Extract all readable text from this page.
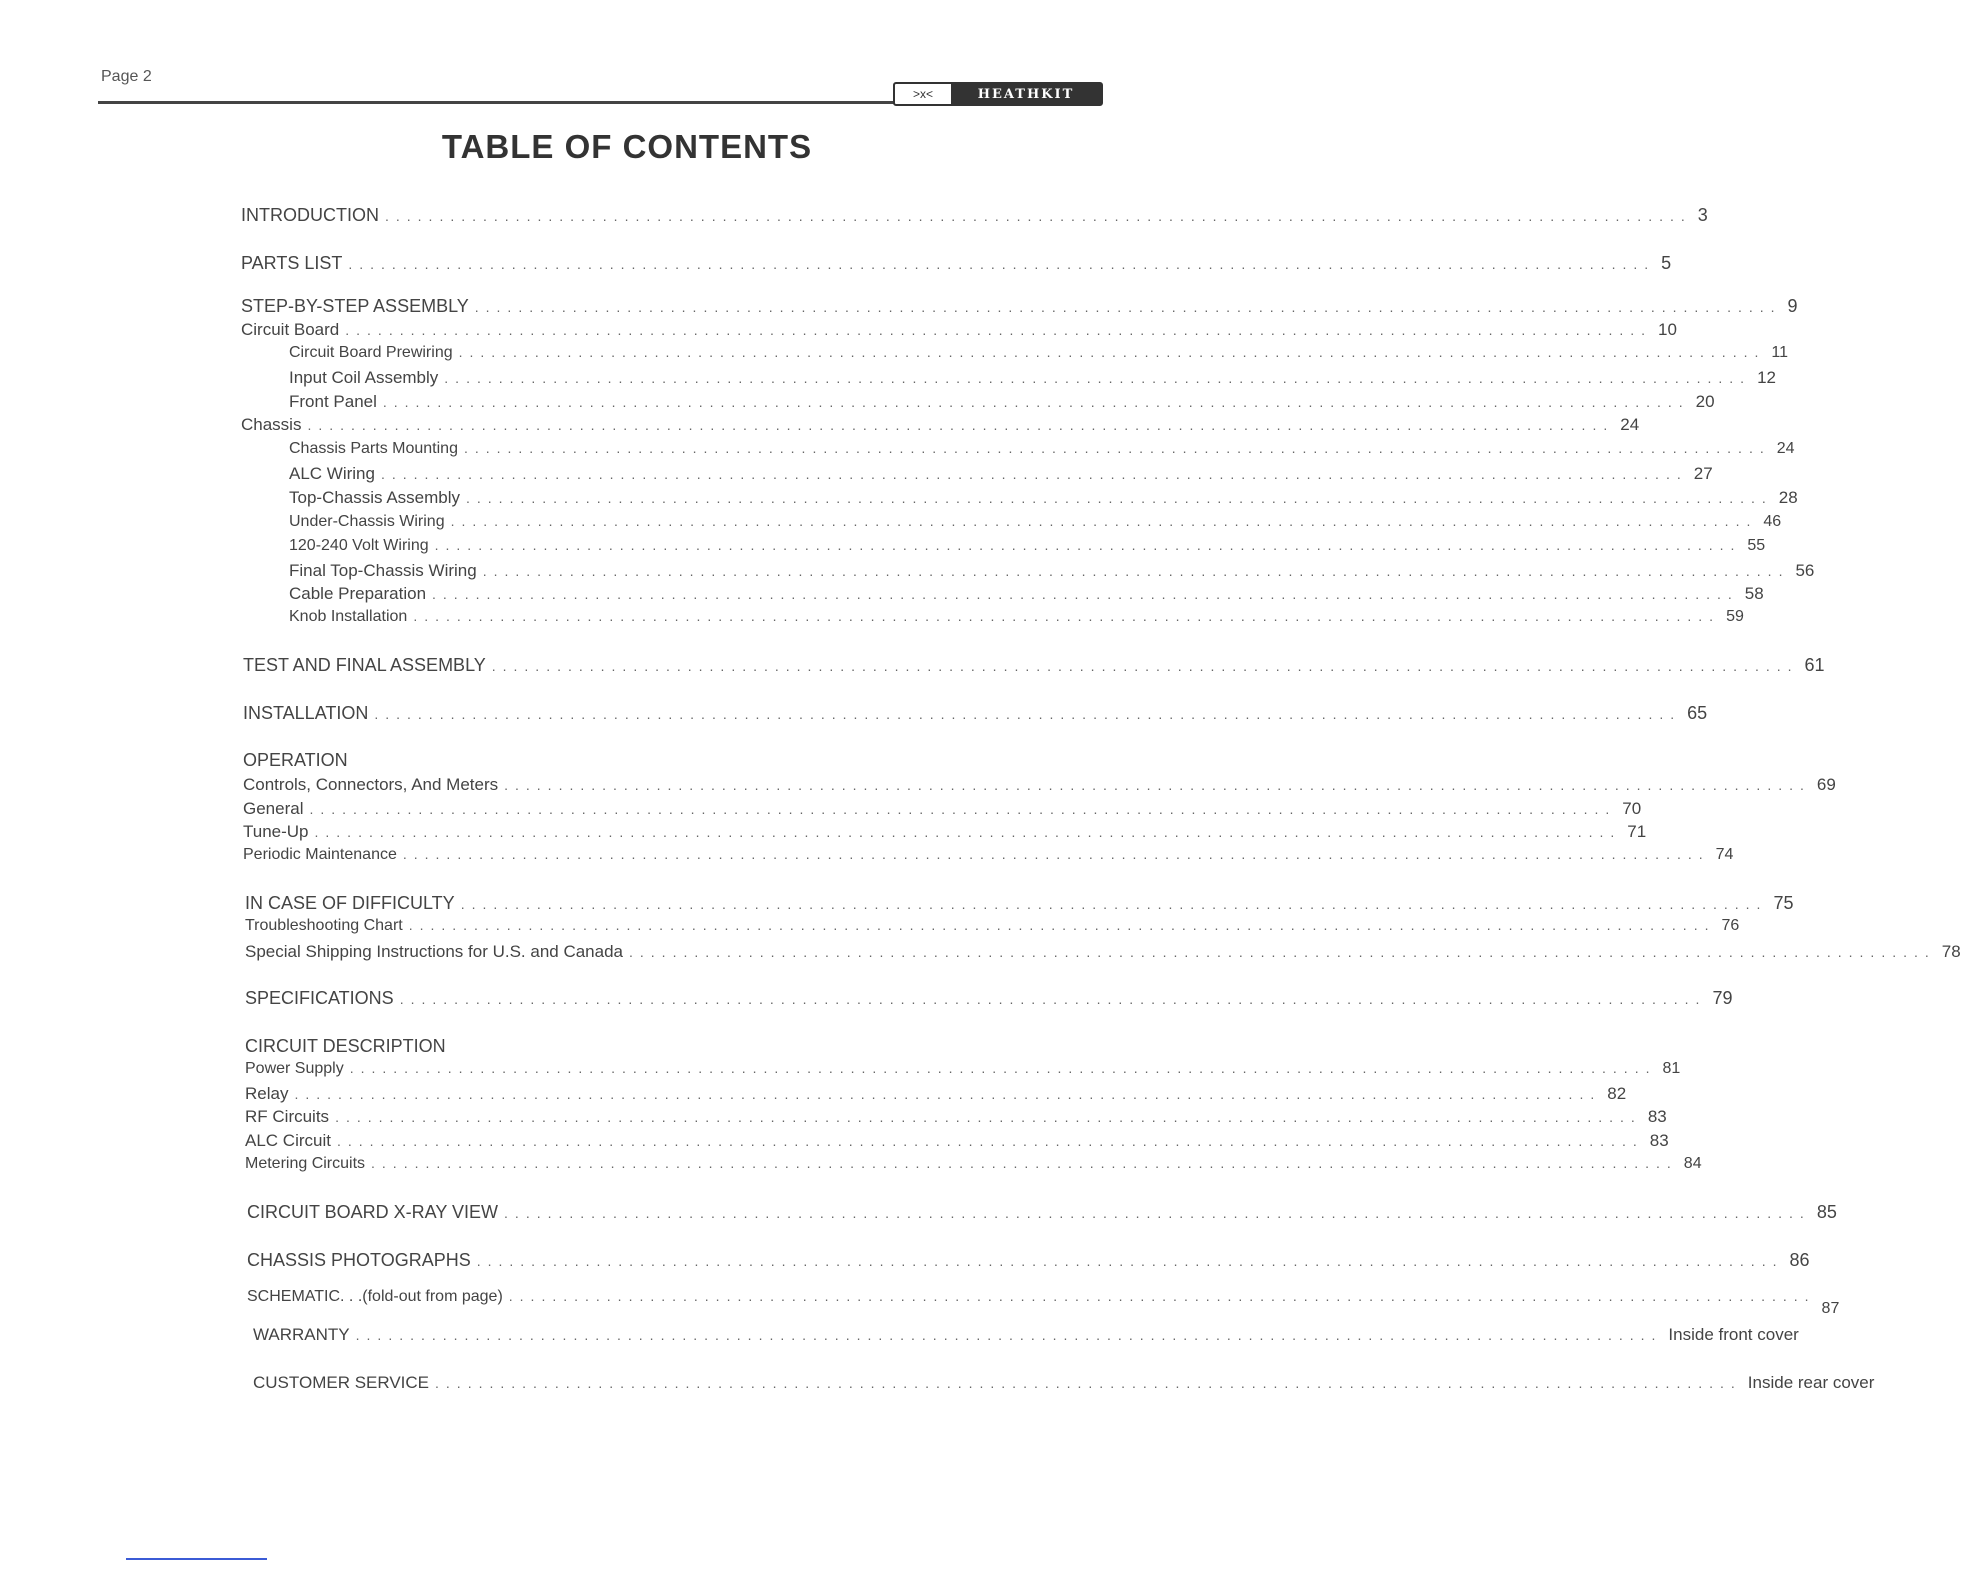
Page 2
>x<	HEATHKIT
TABLE OF CONTENTS
INTRODUCTION ........................................................................................................................ 3
PARTS LIST ........................................................................................................................ 5
STEP-BY-STEP ASSEMBLY ........................................................................................................................ 9
Circuit Board ........................................................................................................................ 10
Circuit Board Prewiring ........................................................................................................................ 11
Input Coil Assembly ........................................................................................................................ 12
Front Panel ........................................................................................................................ 20
Chassis ........................................................................................................................ 24
Chassis Parts Mounting ........................................................................................................................ 24
ALC Wiring ........................................................................................................................ 27
Top-Chassis Assembly ........................................................................................................................ 28
Under-Chassis Wiring ........................................................................................................................ 46
120-240 Volt Wiring ........................................................................................................................ 55
Final Top-Chassis Wiring ........................................................................................................................ 56
Cable Preparation ........................................................................................................................ 58
Knob Installation ........................................................................................................................ 59
TEST AND FINAL ASSEMBLY ........................................................................................................................ 61
INSTALLATION ........................................................................................................................ 65
OPERATION
Controls, Connectors, And Meters ........................................................................................................................ 69
General ........................................................................................................................ 70
Tune-Up ........................................................................................................................ 71
Periodic Maintenance ........................................................................................................................ 74
IN CASE OF DIFFICULTY ........................................................................................................................ 75
Troubleshooting Chart ........................................................................................................................ 76
Special Shipping Instructions for U.S. and Canada ........................................................................................................................ 78
SPECIFICATIONS ........................................................................................................................ 79
CIRCUIT DESCRIPTION
Power Supply ........................................................................................................................ 81
Relay ........................................................................................................................ 82
RF Circuits ........................................................................................................................ 83
ALC Circuit ........................................................................................................................ 83
Metering Circuits ........................................................................................................................ 84
CIRCUIT BOARD X-RAY VIEW ........................................................................................................................ 85
CHASSIS PHOTOGRAPHS ........................................................................................................................ 86
SCHEMATIC. . .(fold-out from page) ........................................................................................................................
87
WARRANTY ........................................................................................................................ Inside front cover
CUSTOMER SERVICE ........................................................................................................................ Inside rear cover
